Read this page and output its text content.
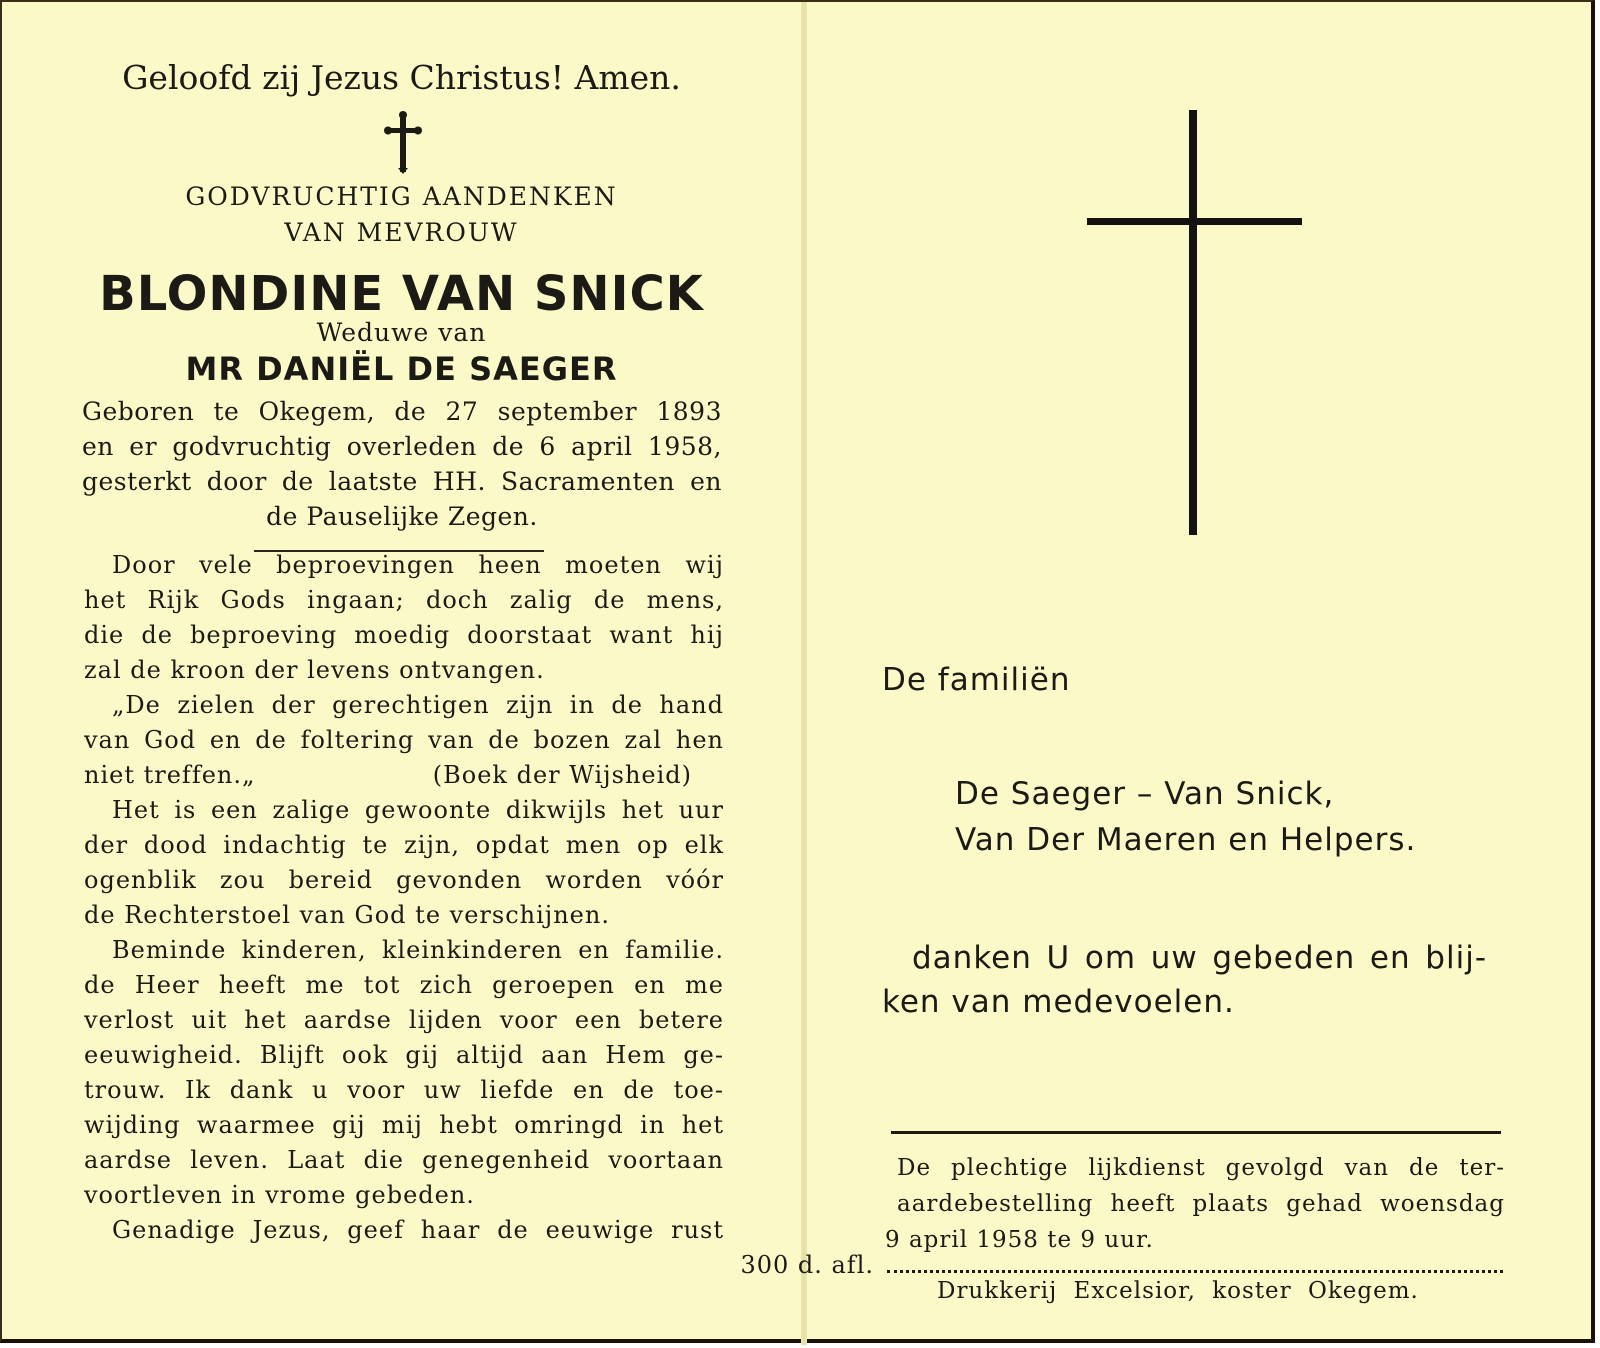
Geloofd zij Jezus Christus! Amen.
GODVRUCHTIG AANDENKEN
VAN MEVROUW
BLONDINE VAN SNICK
Weduwe van
MR DANIËL DE SAEGER
Geboren te Okegem, de 27 september 1893
en er godvruchtig overleden de 6 april 1958,
gesterkt door de laatste HH. Sacramenten en
de Pauselijke Zegen.
Door vele beproevingen heen moeten wij
het Rijk Gods ingaan; doch zalig de mens,
die de beproeving moedig doorstaat want hij
zal de kroon der levens ontvangen.
„De zielen der gerechtigen zijn in de hand
van God en de foltering van de bozen zal hen
niet treffen.„	(Boek der Wijsheid)
Het is een zalige gewoonte dikwijls het uur
der dood indachtig te zijn, opdat men op elk
ogenblik zou bereid gevonden worden vóór
de Rechterstoel van God te verschijnen.
Beminde kinderen, kleinkinderen en familie.
de Heer heeft me tot zich geroepen en me
verlost uit het aardse lijden voor een betere
eeuwigheid. Blijft ook gij altijd aan Hem ge-
trouw. Ik dank u voor uw liefde en de toe-
wijding waarmee gij mij hebt omringd in het
aardse leven. Laat die genegenheid voortaan
voortleven in vrome gebeden.
Genadige Jezus, geef haar de eeuwige rust
300 d. afl.
De familiën
De Saeger – Van Snick,
Van Der Maeren en Helpers.
danken U om uw gebeden en blij-
ken van medevoelen.
De plechtige lijkdienst gevolgd van de ter-
aardebestelling heeft plaats gehad woensdag
9 april 1958 te 9 uur.
Drukkerij Excelsior, koster Okegem.
